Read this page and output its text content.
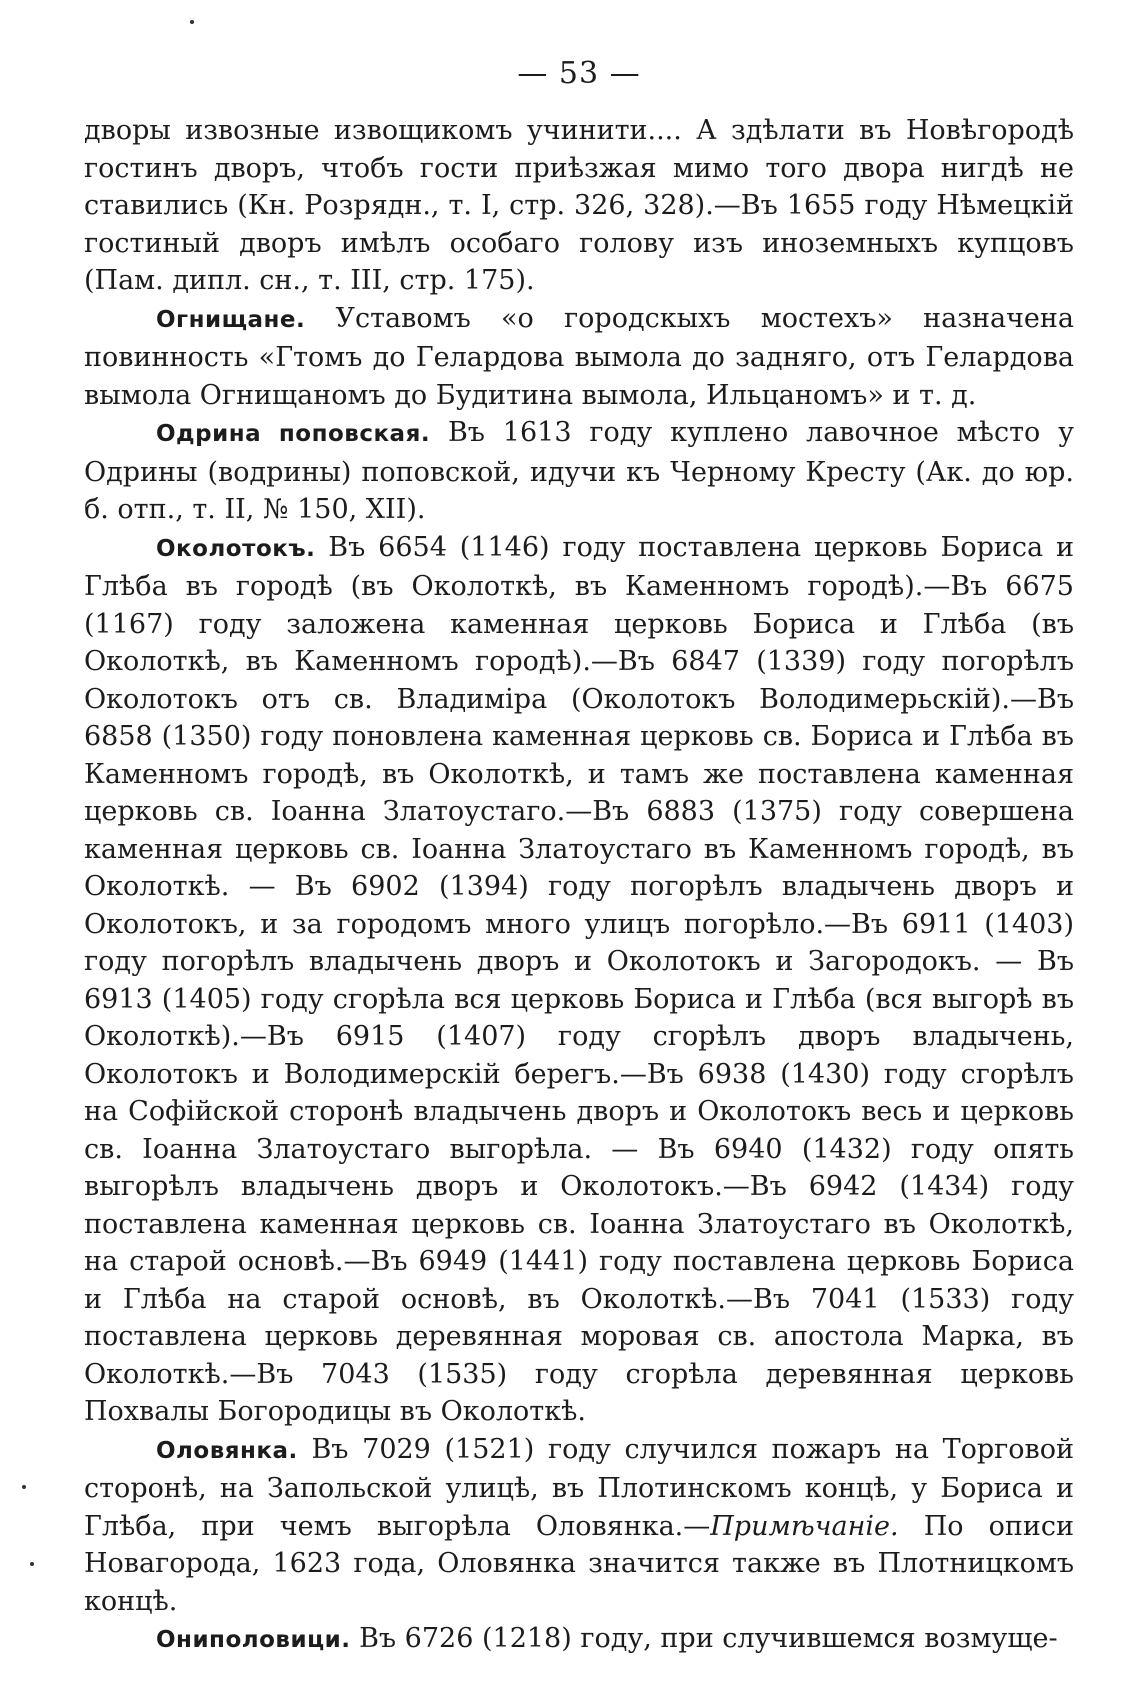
— 53 —

дворы извозные извощикомъ учинити.... А здѣлати въ Новѣгородѣ гостинъ дворъ, чтобъ гости приѣзжая мимо того двора нигдѣ не ставились (Кн. Розрядн., т. I, стр. 326, 328).—Въ 1655 году Нѣмецкій гостиный дворъ имѣлъ особаго голову изъ иноземныхъ купцовъ (Пам. дипл. сн., т. III, стр. 175).

Огнищане. Уставомъ «о городскыхъ мостехъ» назначена повинность «Гтомъ до Гелардова вымола до задняго, отъ Гелардова вымола Огнищаномъ до Будитина вымола, Ильцаномъ» и т. д.

Одрина поповская. Въ 1613 году куплено лавочное мѣсто у Одрины (водрины) поповской, идучи къ Черному Кресту (Ак. до юр. б. отп., т. II, № 150, XII).

Околотокъ. Въ 6654 (1146) году поставлена церковь Бориса и Глѣба въ городѣ (въ Околоткѣ, въ Каменномъ городѣ).—Въ 6675 (1167) году заложена каменная церковь Бориса и Глѣба (въ Околоткѣ, въ Каменномъ городѣ).—Въ 6847 (1339) году погорѣлъ Околотокъ отъ св. Владиміра (Околотокъ Володимерьскій).—Въ 6858 (1350) году поновлена каменная церковь св. Бориса и Глѣба въ Каменномъ городѣ, въ Околоткѣ, и тамъ же поставлена каменная церковь св. Іоанна Златоустаго.—Въ 6883 (1375) году совершена каменная церковь св. Іоанна Златоустаго въ Каменномъ городѣ, въ Околоткѣ. — Въ 6902 (1394) году погорѣлъ владычень дворъ и Околотокъ, и за городомъ много улицъ погорѣло.—Въ 6911 (1403) году погорѣлъ владычень дворъ и Околотокъ и Загородокъ. — Въ 6913 (1405) году сгорѣла вся церковь Бориса и Глѣба (вся выгорѣ въ Околоткѣ).—Въ 6915 (1407) году сгорѣлъ дворъ владычень, Околотокъ и Володимерскій берегъ.—Въ 6938 (1430) году сгорѣлъ на Софійской сторонѣ владычень дворъ и Околотокъ весь и церковь св. Іоанна Златоустаго выгорѣла. — Въ 6940 (1432) году опять выгорѣлъ владычень дворъ и Околотокъ.—Въ 6942 (1434) году поставлена каменная церковь св. Іоанна Златоустаго въ Околоткѣ, на старой основѣ.—Въ 6949 (1441) году поставлена церковь Бориса и Глѣба на старой основѣ, въ Околоткѣ.—Въ 7041 (1533) году поставлена церковь деревянная моровая св. апостола Марка, въ Околоткѣ.—Въ 7043 (1535) году сгорѣла деревянная церковь Похвалы Богородицы въ Околоткѣ.

Оловянка. Въ 7029 (1521) году случился пожаръ на Торговой сторонѣ, на Запольской улицѣ, въ Плотинскомъ концѣ, у Бориса и Глѣба, при чемъ выгорѣла Оловянка.—Примѣчаніе. По описи Новагорода, 1623 года, Оловянка значится также въ Плотницкомъ концѣ.

Ониполовици. Въ 6726 (1218) году, при случившемся возмуще-
